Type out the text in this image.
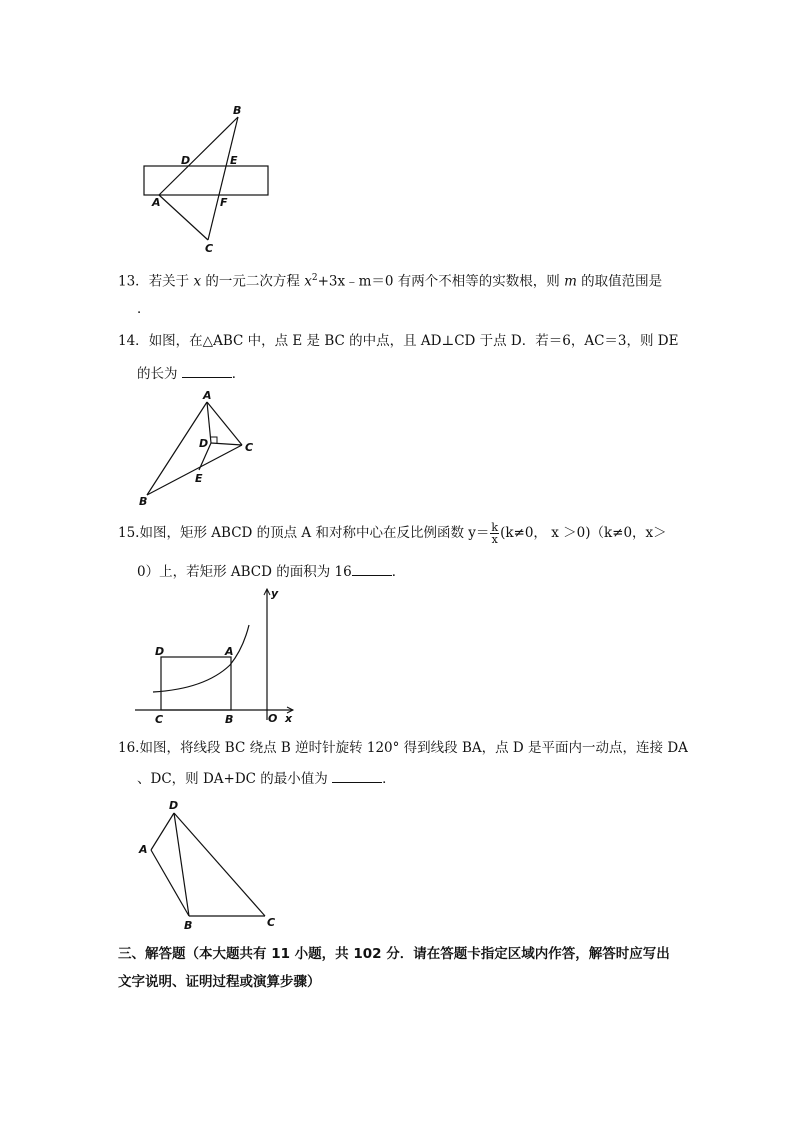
B
D	E
A	F
C
13．若关于 x 的一元二次方程 $x^2+3x﹣m=0$ 有两个不相等的实数根，则 m 的取值范围是
．
14．如图，在△ABC 中，点 E 是 BC 的中点，且 AD⊥CD 于点 D．若＝6，AC＝3，则 DE
的长为	．
A
D	C
E
B
15.如图，矩形 ABCD 的顶点 A 和对称中心在反比例函数 $y= \frac{k}{x} (k\ne 0$， x ＞0)（k≠0，x＞
0）上，若矩形 ABCD 的面积为 16	．
y
D	A
C	B	O x
16.如图，将线段 BC 绕点 B 逆时针旋转 120° 得到线段 BA，点 D 是平面内一动点，连接 DA
、DC，则 DA+DC 的最小值为	．
D
A
B	C
三、解答题（本大题共有 11 小题，共 102 分．请在答题卡指定区域内作答，解答时应写出
文字说明、证明过程或演算步骤）
